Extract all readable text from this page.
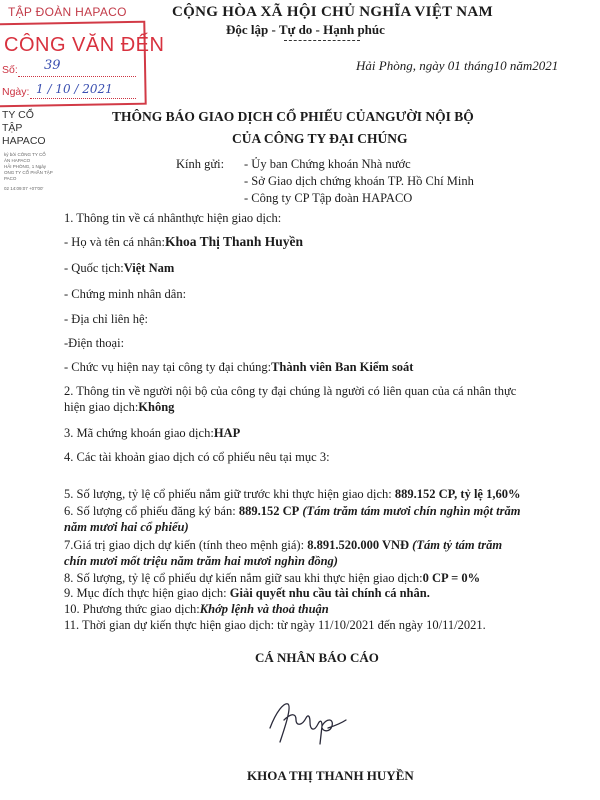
TẬP ĐOÀN HAPACO
CÔNG VĂN ĐẾN
Số: 39
Ngày: 1 / 10 / 2021
TY CỔ
TẬP
HAPACO
ký bởi CÔNG TY CỔ
ÀN HAPACO
HẢI PHÒNG, 1 Ngày
ONG TY CỔ PHẦN TẬP
PACO
02 14:09:07 +07'00'
CỘNG HÒA XÃ HỘI CHỦ NGHĨA VIỆT NAM
Độc lập - Tự do - Hạnh phúc
Hải Phòng, ngày 01 tháng10 năm2021
THÔNG BÁO GIAO DỊCH CỔ PHIẾU CỦANGƯỜI NỘI BỘ
CỦA CÔNG TY ĐẠI CHÚNG
Kính gửi: - Ủy ban Chứng khoán Nhà nước
- Sở Giao dịch chứng khoán TP. Hồ Chí Minh
- Công ty CP Tập đoàn HAPACO
1. Thông tin về cá nhânthực hiện giao dịch:
- Họ và tên cá nhân:Khoa Thị Thanh Huyền
- Quốc tịch:Việt Nam
- Chứng minh nhân dân:
- Địa chỉ liên hệ:
-Điện thoại:
- Chức vụ hiện nay tại công ty đại chúng:Thành viên Ban Kiểm soát
2. Thông tin về người nội bộ của công ty đại chúng là người có liên quan của cá nhân thực
hiện giao dịch:Không
3. Mã chứng khoán giao dịch:HAP
4. Các tài khoản giao dịch có cổ phiếu nêu tại mục 3:
5. Số lượng, tỷ lệ cổ phiếu nắm giữ trước khi thực hiện giao dịch: 889.152 CP, tỷ lệ 1,60%
6. Số lượng cổ phiếu đăng ký bán: 889.152 CP (Tám trăm tám mươi chín nghìn một trăm
năm mươi hai cổ phiếu)
7.Giá trị giao dịch dự kiến (tính theo mệnh giá): 8.891.520.000 VNĐ (Tám tỷ tám trăm
chín mươi mốt triệu năm trăm hai mươi nghìn đồng)
8. Số lượng, tỷ lệ cổ phiếu dự kiến nắm giữ sau khi thực hiện giao dịch:0 CP = 0%
9. Mục đích thực hiện giao dịch: Giải quyết nhu cầu tài chính cá nhân.
10. Phương thức giao dịch:Khớp lệnh và thoả thuận
11. Thời gian dự kiến thực hiện giao dịch: từ ngày 11/10/2021 đến ngày 10/11/2021.
CÁ NHÂN BÁO CÁO
KHOA THỊ THANH HUYỀN
